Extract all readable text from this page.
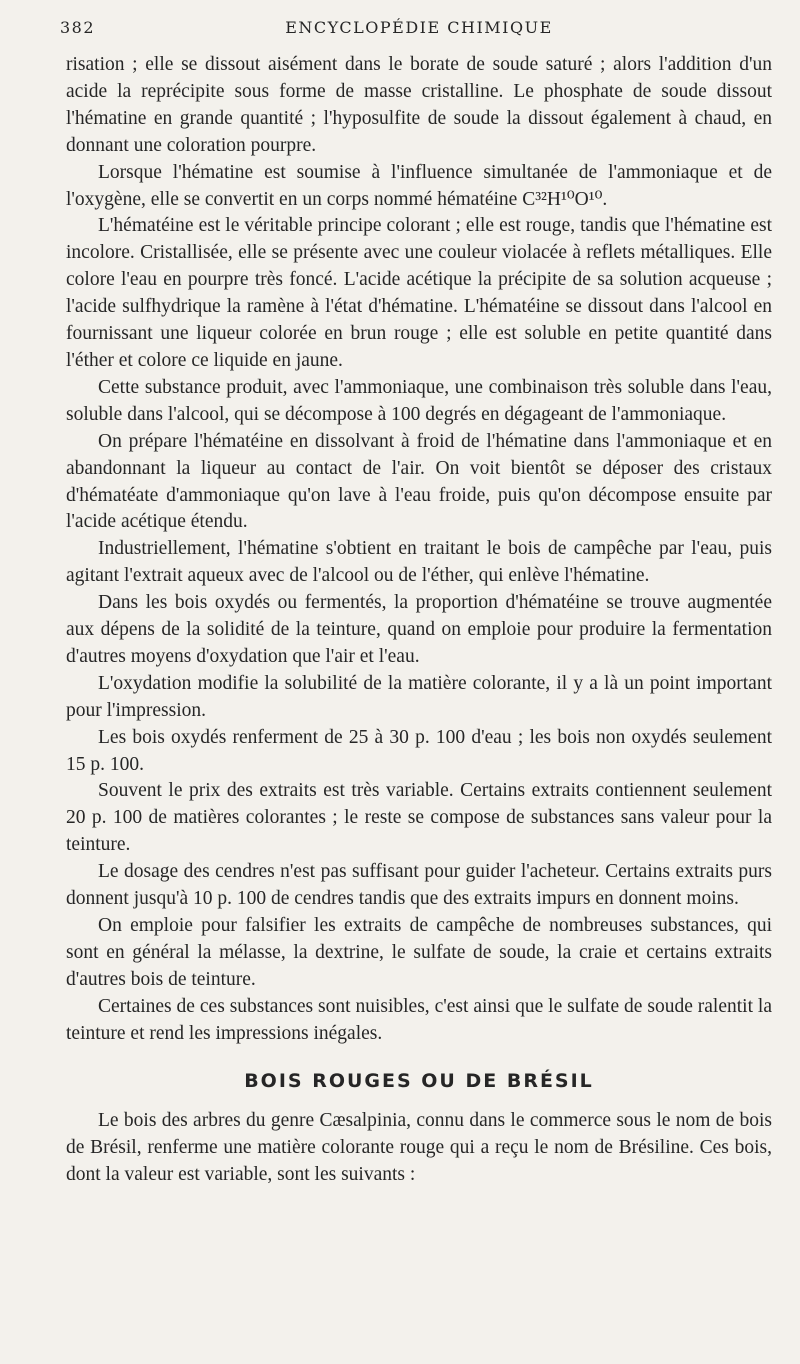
382	ENCYCLOPÉDIE CHIMIQUE

risation ; elle se dissout aisément dans le borate de soude saturé ; alors l'addition d'un acide la reprécipite sous forme de masse cristalline. Le phosphate de soude dissout l'hématine en grande quantité ; l'hyposulfite de soude la dissout également à chaud, en donnant une coloration pourpre.

Lorsque l'hématine est soumise à l'influence simultanée de l'ammoniaque et de l'oxygène, elle se convertit en un corps nommé hématéine C³²H¹⁰O¹⁰.

L'hématéine est le véritable principe colorant ; elle est rouge, tandis que l'hématine est incolore. Cristallisée, elle se présente avec une couleur violacée à reflets métalliques. Elle colore l'eau en pourpre très foncé. L'acide acétique la précipite de sa solution acqueuse ; l'acide sulfhydrique la ramène à l'état d'hématine. L'hématéine se dissout dans l'alcool en fournissant une liqueur colorée en brun rouge ; elle est soluble en petite quantité dans l'éther et colore ce liquide en jaune.

Cette substance produit, avec l'ammoniaque, une combinaison très soluble dans l'eau, soluble dans l'alcool, qui se décompose à 100 degrés en dégageant de l'ammoniaque.

On prépare l'hématéine en dissolvant à froid de l'hématine dans l'ammoniaque et en abandonnant la liqueur au contact de l'air. On voit bientôt se déposer des cristaux d'hématéate d'ammoniaque qu'on lave à l'eau froide, puis qu'on décompose ensuite par l'acide acétique étendu.

Industriellement, l'hématine s'obtient en traitant le bois de campêche par l'eau, puis agitant l'extrait aqueux avec de l'alcool ou de l'éther, qui enlève l'hématine.

Dans les bois oxydés ou fermentés, la proportion d'hématéine se trouve augmentée aux dépens de la solidité de la teinture, quand on emploie pour produire la fermentation d'autres moyens d'oxydation que l'air et l'eau.

L'oxydation modifie la solubilité de la matière colorante, il y a là un point important pour l'impression.

Les bois oxydés renferment de 25 à 30 p. 100 d'eau ; les bois non oxydés seulement 15 p. 100.

Souvent le prix des extraits est très variable. Certains extraits contiennent seulement 20 p. 100 de matières colorantes ; le reste se compose de substances sans valeur pour la teinture.

Le dosage des cendres n'est pas suffisant pour guider l'acheteur. Certains extraits purs donnent jusqu'à 10 p. 100 de cendres tandis que des extraits impurs en donnent moins.

On emploie pour falsifier les extraits de campêche de nombreuses substances, qui sont en général la mélasse, la dextrine, le sulfate de soude, la craie et certains extraits d'autres bois de teinture.

Certaines de ces substances sont nuisibles, c'est ainsi que le sulfate de soude ralentit la teinture et rend les impressions inégales.

BOIS ROUGES OU DE BRÉSIL

Le bois des arbres du genre Cæsalpinia, connu dans le commerce sous le nom de bois de Brésil, renferme une matière colorante rouge qui a reçu le nom de Brésiline. Ces bois, dont la valeur est variable, sont les suivants :
